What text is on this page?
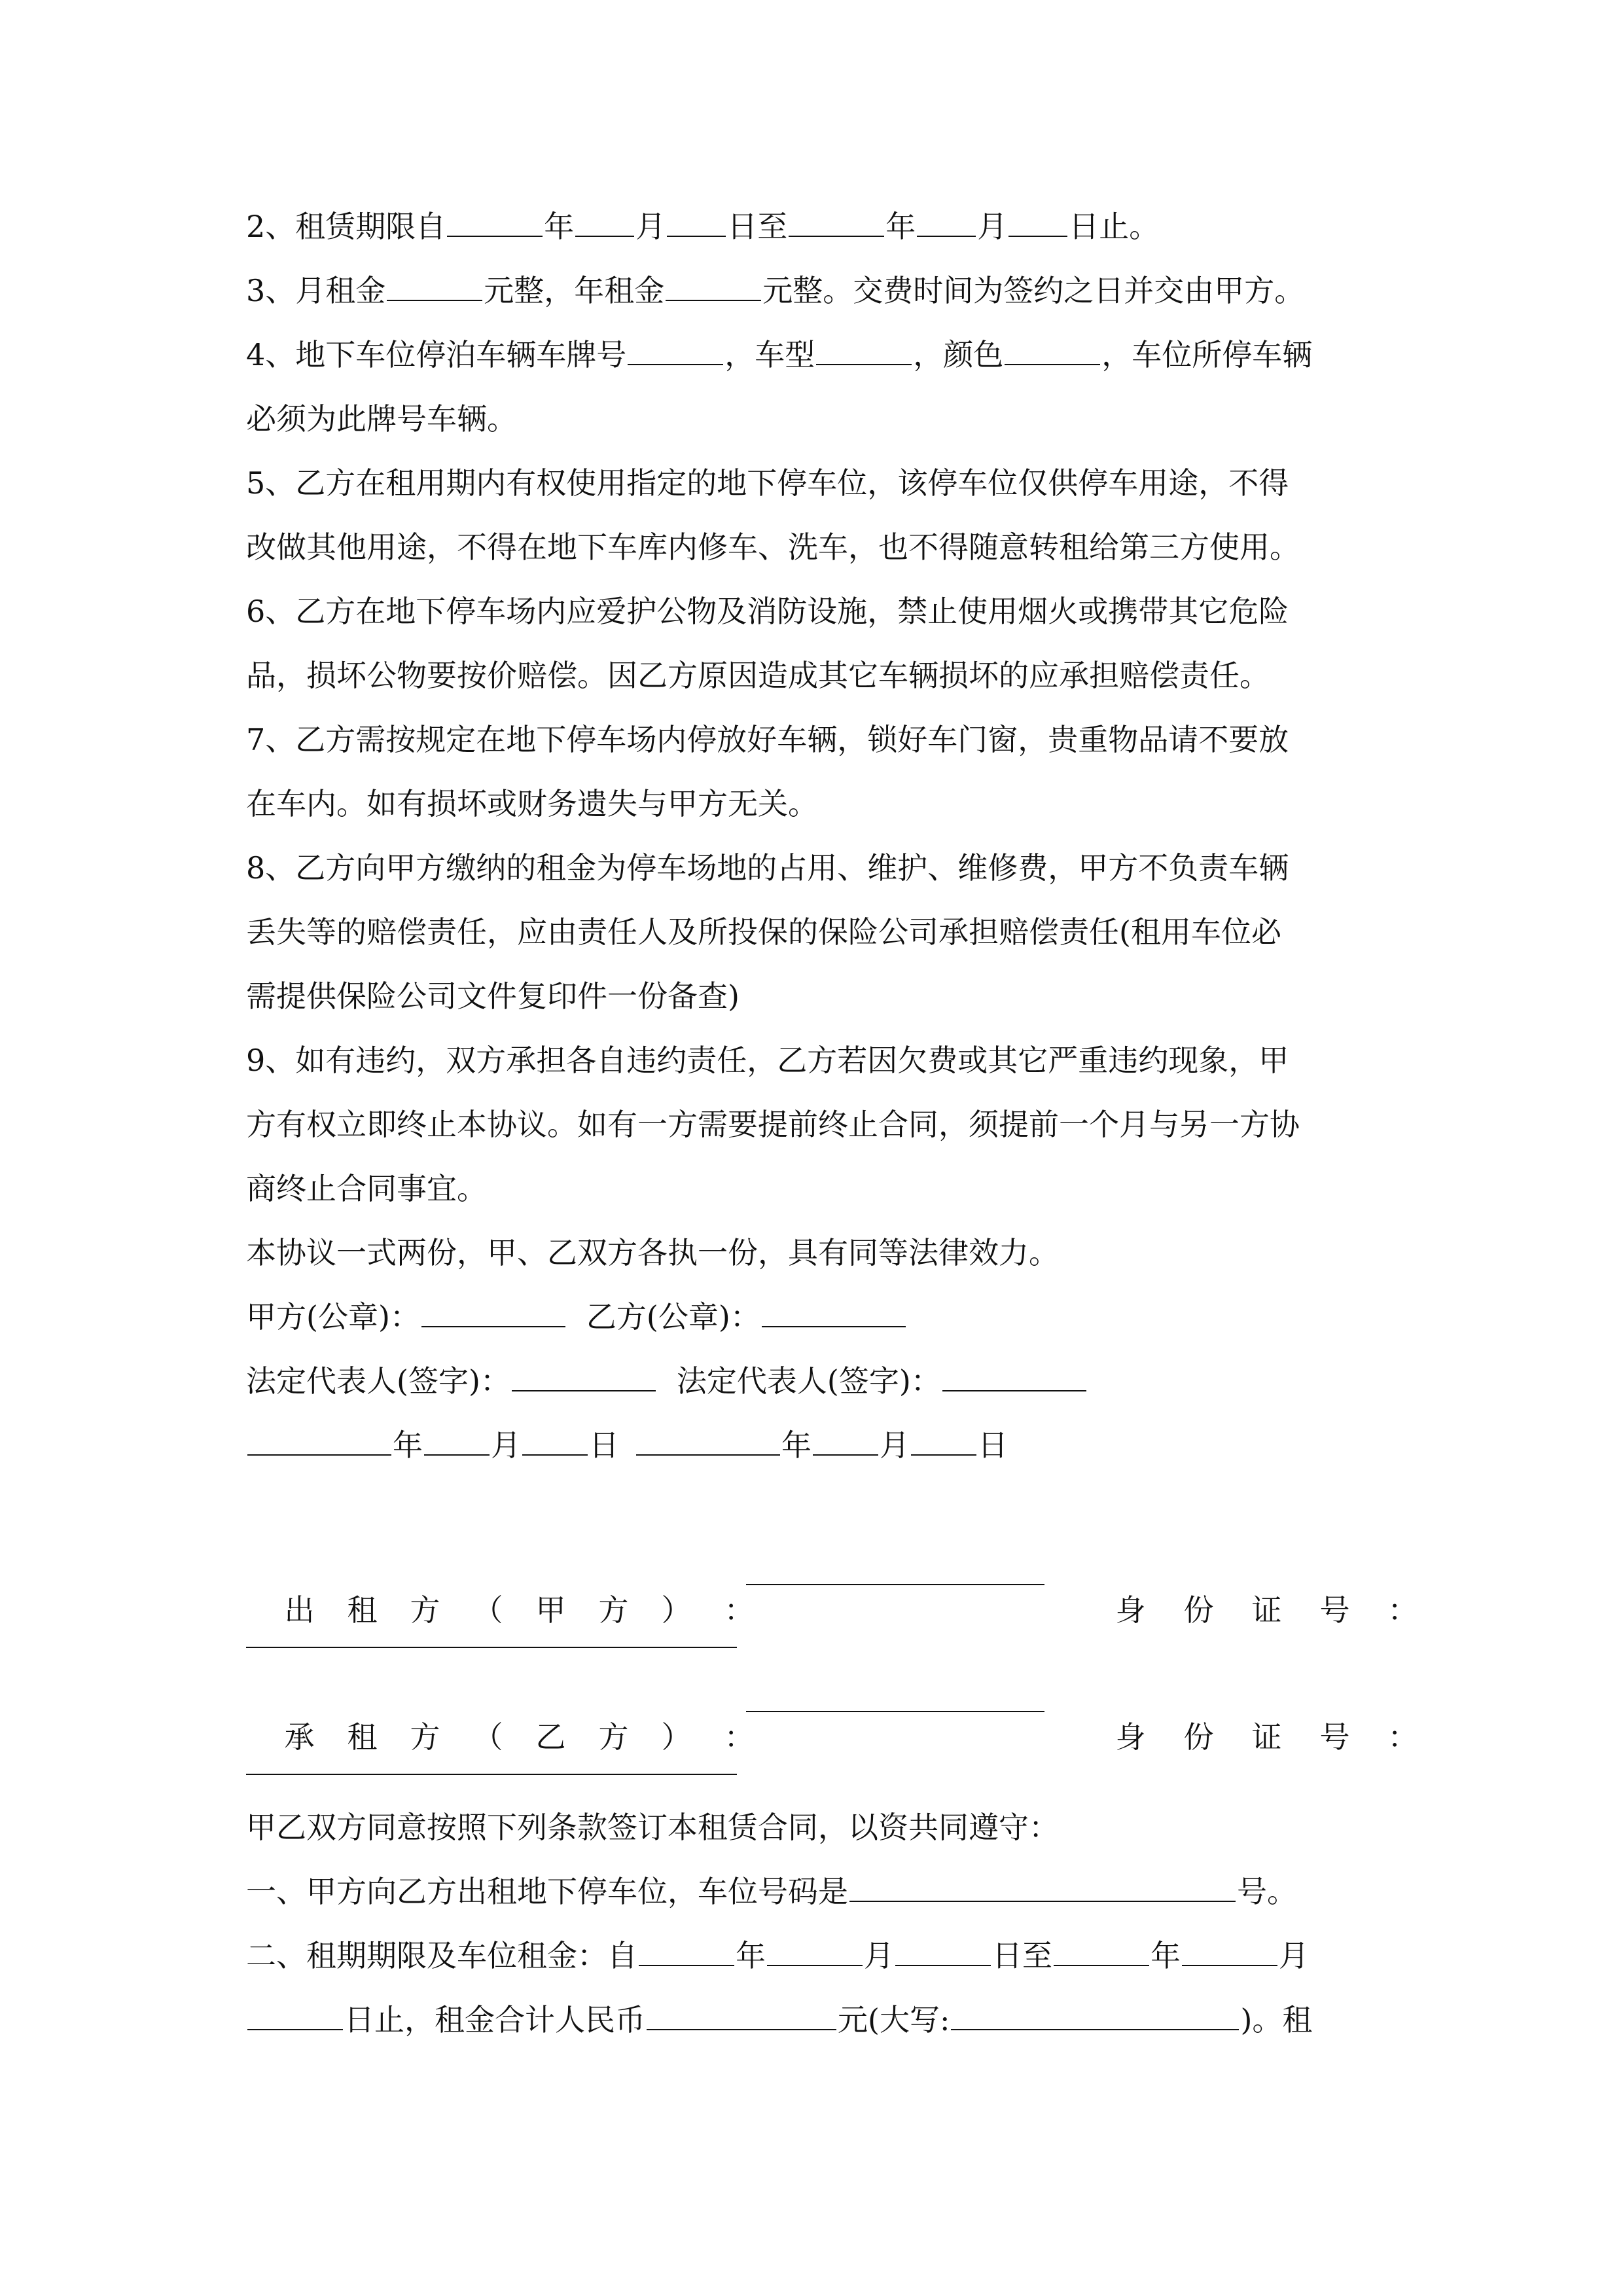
2、租赁期限自	年 月 日至	年 月 日止。

3、月租金	元整，年租金	元整。交费时间为签约之日并交由甲方。

4、地下车位停泊车辆车牌号	，车型	，颜色	，车位所停车辆

必须为此牌号车辆。

5、乙方在租用期内有权使用指定的地下停车位，该停车位仅供停车用途，不得

改做其他用途，不得在地下车库内修车、洗车，也不得随意转租给第三方使用。

6、乙方在地下停车场内应爱护公物及消防设施，禁止使用烟火或携带其它危险

品，损坏公物要按价赔偿。因乙方原因造成其它车辆损坏的应承担赔偿责任。

7、乙方需按规定在地下停车场内停放好车辆，锁好车门窗，贵重物品请不要放

在车内。如有损坏或财务遗失与甲方无关。

8、乙方向甲方缴纳的租金为停车场地的占用、维护、维修费，甲方不负责车辆

丢失等的赔偿责任，应由责任人及所投保的保险公司承担赔偿责任(租用车位必

需提供保险公司文件复印件一份备查)

9、如有违约，双方承担各自违约责任，乙方若因欠费或其它严重违约现象，甲

方有权立即终止本协议。如有一方需要提前终止合同，须提前一个月与另一方协

商终止合同事宜。

本协议一式两份，甲、乙双方各执一份，具有同等法律效力。

甲方(公章)：	乙方(公章)：

法定代表人(签字)：	法定代表人(签字)：

年 月 日	年 月 日

出 租 方 （ 甲 方 ） ：
	身 份 证 号 ：

承 租 方 （ 乙 方 ） ：
	身 份 证 号 ：

甲乙双方同意按照下列条款签订本租赁合同，以资共同遵守：

一、甲方向乙方出租地下停车位，车位号码是	号。

二、租期期限及车位租金：自	年	月	日至	年	月

日止，租金合计人民币	元(大写:	)。租
